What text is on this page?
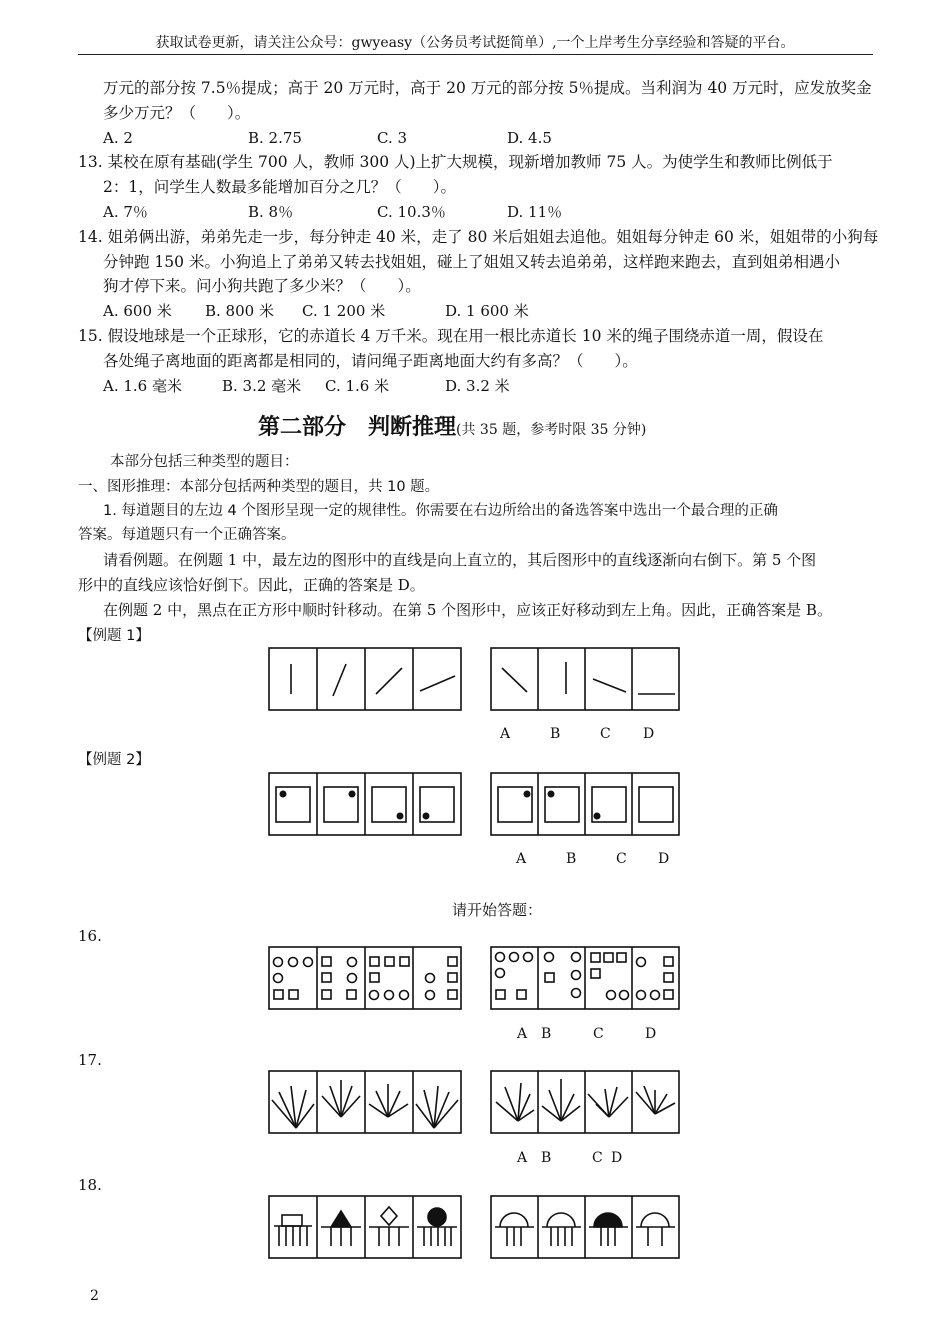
获取试卷更新，请关注公众号：gwyeasy（公务员考试挺简单）,一个上岸考生分享经验和答疑的平台。
万元的部分按 7.5％提成；高于 20 万元时，高于 20 万元的部分按 5％提成。当利润为 40 万元时，应发放奖金
多少万元？（　　）。
A. 2	B. 2.75	C. 3	D. 4.5
13. 某校在原有基础(学生 700 人，教师 300 人)上扩大规模，现新增加教师 75 人。为使学生和教师比例低于
2：1，问学生人数最多能增加百分之几？（　　）。
A. 7％	B. 8％	C. 10.3％	D. 11％
14. 姐弟俩出游，弟弟先走一步，每分钟走 40 米，走了 80 米后姐姐去追他。姐姐每分钟走 60 米，姐姐带的小狗每
分钟跑 150 米。小狗追上了弟弟又转去找姐姐，碰上了姐姐又转去追弟弟，这样跑来跑去，直到姐弟相遇小
狗才停下来。问小狗共跑了多少米？（　　）。
A. 600 米 B. 800 米 C. 1 200 米	D. 1 600 米
15. 假设地球是一个正球形，它的赤道长 4 万千米。现在用一根比赤道长 10 米的绳子围绕赤道一周，假设在
各处绳子离地面的距离都是相同的，请问绳子距离地面大约有多高？（　　）。
A. 1.6 毫米	B. 3.2 毫米 C. 1.6 米	D. 3.2 米
第二部分　判断推理(共 35 题，参考时限 35 分钟)
本部分包括三种类型的题目：
一、图形推理：本部分包括两种类型的题目，共 10 题。
1. 每道题目的左边 4 个图形呈现一定的规律性。你需要在右边所给出的备选答案中选出一个最合理的正确
答案。每道题只有一个正确答案。
请看例题。在例题 1 中，最左边的图形中的直线是向上直立的，其后图形中的直线逐渐向右倒下。第 5 个图
形中的直线应该恰好倒下。因此，正确的答案是 D。
在例题 2 中，黑点在正方形中顺时针移动。在第 5 个图形中，应该正好移动到左上角。因此，正确答案是 B。
【例题 1】
【例题 2】
A	B	C D
A	B	C D
请开始答题：
16.
17.
18.
A B	C	D
A B	C D
2
